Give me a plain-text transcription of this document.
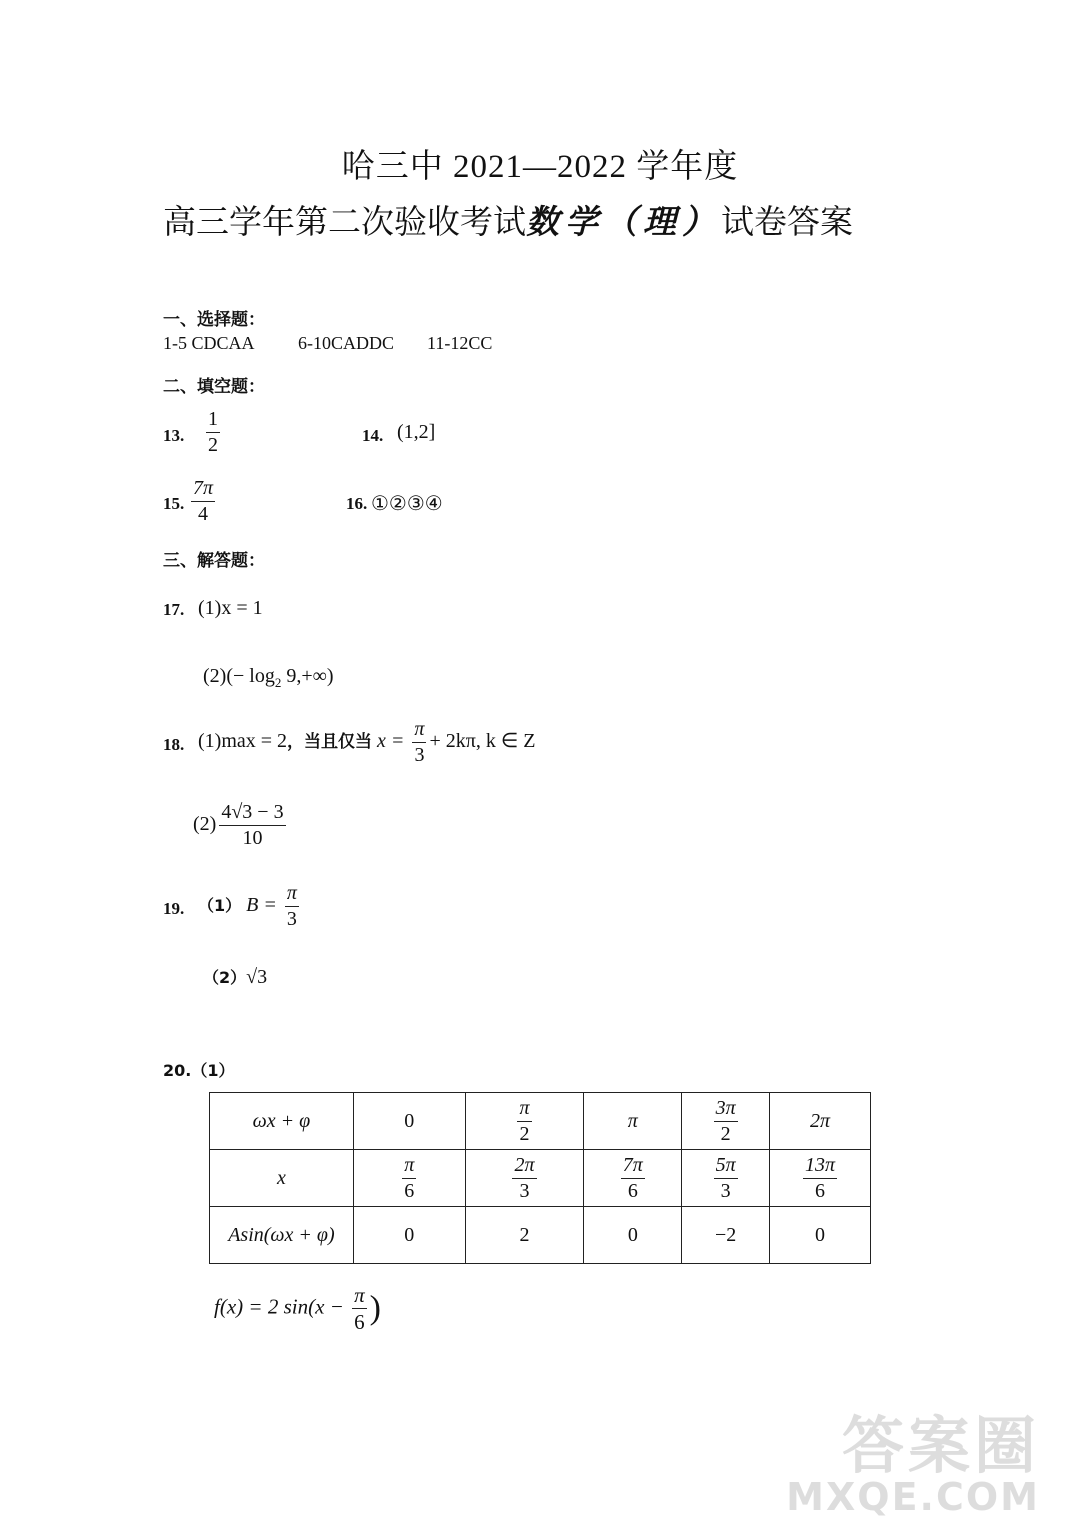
哈三中 2021—2022 学年度
高三学年第二次验收考试数学（理）试卷答案
一、选择题：
1-5 CDCAA 6-10CADDC 11-12CC
二、填空题：
13. $\frac{1}{2}$	14. (1,2]
15. $\frac{7\pi}{4}$	16. ①②③④
三、解答题：
17. (1)x = 1
$(2)(- \log_2 9,+\infty)$
18. (1)max = 2，当且仅当 $x = \frac{\pi}{3} + 2k\pi$, k ∈ Z
$(2) \frac{4√3 - 3}{10}$
19. （1） $B = \frac{\pi}{3}$
（2）√3
20.（1）
ωx + φ	0	$\frac{\pi}{2}$	π	$\frac{3\pi}{2}$	2π
x	$\frac{\pi}{6}$	$\frac{2\pi}{3}$	$\frac{7\pi}{6}$	$\frac{5\pi}{3}$	$\frac{13\pi}{6}$

Asin(ωx + φ)	0	2	0	−2	0
f(x) = 2 $\sin(x - \frac{\pi}{6}$ )
答案圈
MXQE.COM
